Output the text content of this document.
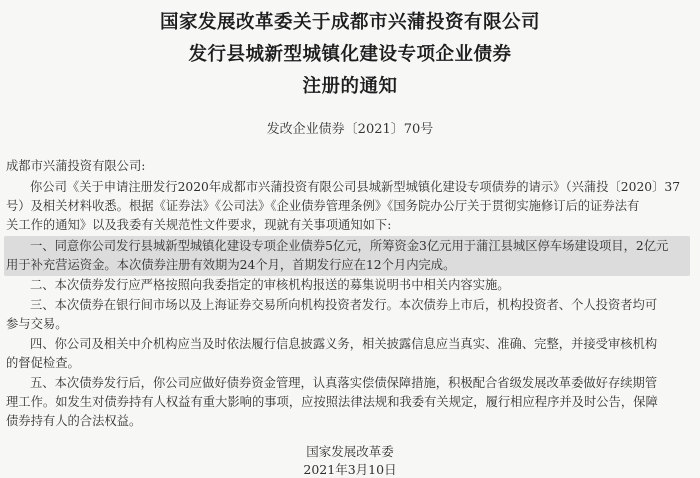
国家发展改革委关于成都市兴蒲投资有限公司
发行县城新型城镇化建设专项企业债券
注册的通知
发改企业债券〔2021〕70号
成都市兴蒲投资有限公司:
你公司《关于申请注册发行2020年成都市兴蒲投资有限公司县城新型城镇化建设专项债券的请示》（兴蒲投〔2020〕37
号）及相关材料收悉。根据《证券法》《公司法》《企业债券管理条例》《国务院办公厅关于贯彻实施修订后的证券法有
关工作的通知》以及我委有关规范性文件要求，现就有关事项通知如下:
一、同意你公司发行县城新型城镇化建设专项企业债券5亿元，所筹资金3亿元用于蒲江县城区停车场建设项目，2亿元
用于补充营运资金。本次债券注册有效期为24个月，首期发行应在12个月内完成。
二、本次债券发行应严格按照向我委指定的审核机构报送的募集说明书中相关内容实施。
三、本次债券在银行间市场以及上海证券交易所向机构投资者发行。本次债券上市后，机构投资者、个人投资者均可
参与交易。
四、你公司及相关中介机构应当及时依法履行信息披露义务，相关披露信息应当真实、准确、完整，并接受审核机构
的督促检查。
五、本次债券发行后，你公司应做好债券资金管理，认真落实偿债保障措施，积极配合省级发展改革委做好存续期管
理工作。如发生对债券持有人权益有重大影响的事项，应按照法律法规和我委有关规定，履行相应程序并及时公告，保障
债券持有人的合法权益。
国家发展改革委
2021年3月10日
